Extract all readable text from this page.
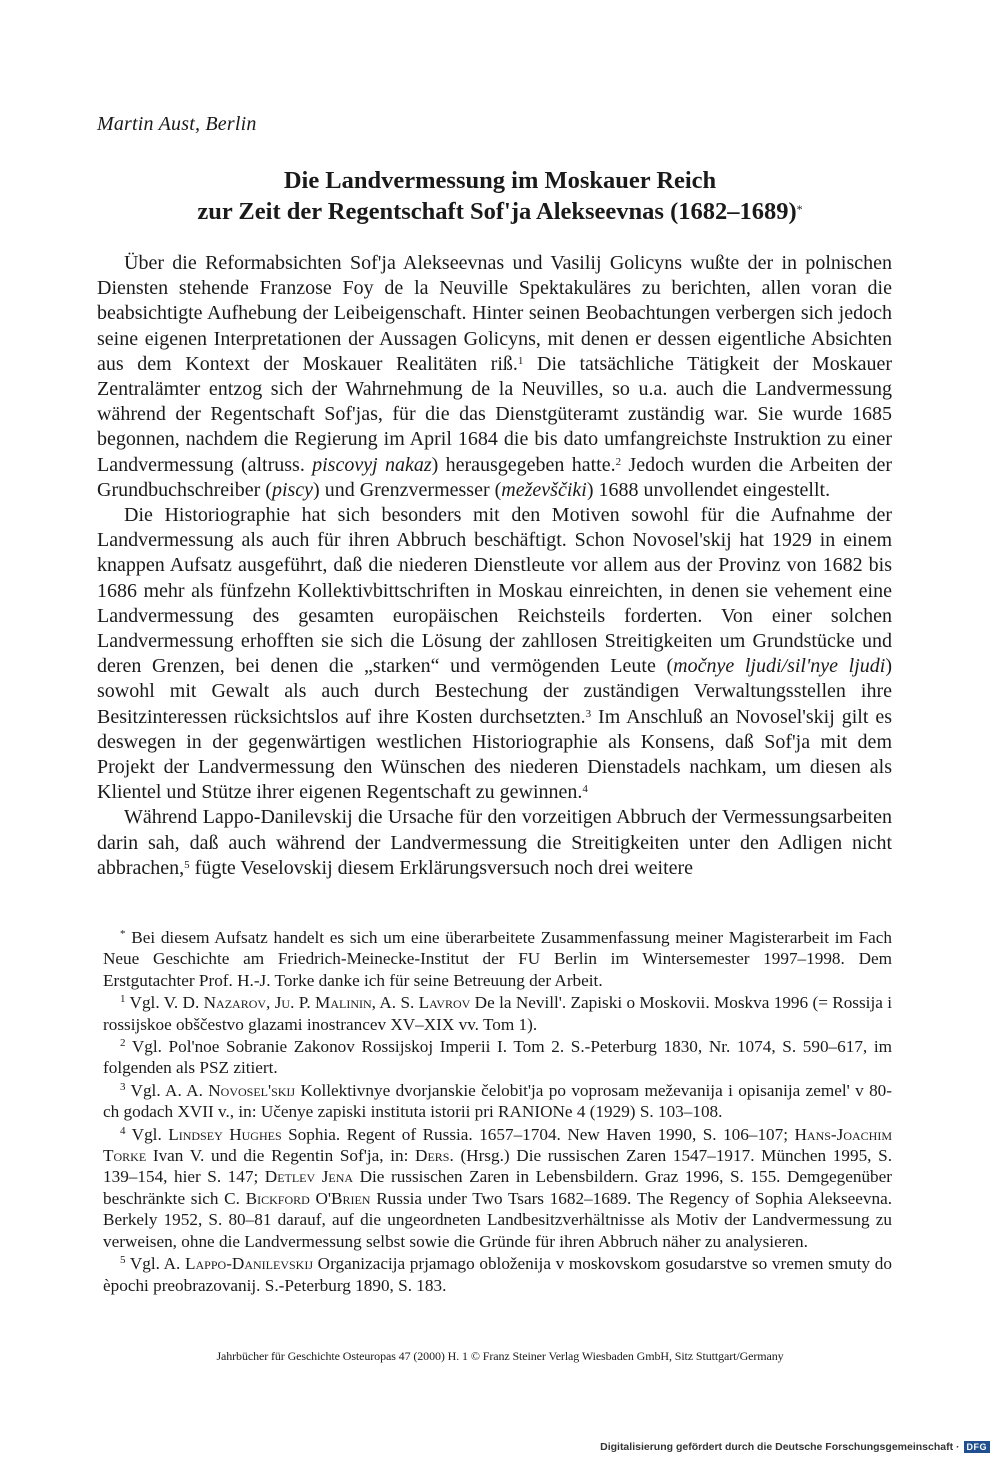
Martin Aust, Berlin
Die Landvermessung im Moskauer Reich
zur Zeit der Regentschaft Sof'ja Alekseevnas (1682–1689)*

Über die Reformabsichten Sof'ja Alekseevnas und Vasilij Golicyns wußte der in polnischen Diensten stehende Franzose Foy de la Neuville Spektakuläres zu berichten, allen voran die beabsichtigte Aufhebung der Leibeigenschaft. Hinter seinen Beobachtungen verbergen sich jedoch seine eigenen Interpretationen der Aussagen Golicyns, mit denen er dessen eigentliche Absichten aus dem Kontext der Moskauer Realitäten riß.$^1$ Die tatsächliche Tätigkeit der Moskauer Zentralämter entzog sich der Wahrnehmung de la Neuvilles, so u.a. auch die Landvermessung während der Regentschaft Sof'jas, für die das Dienstgüteramt zuständig war. Sie wurde 1685 begonnen, nachdem die Regierung im April 1684 die bis dato umfangreichste Instruktion zu einer Landvermessung (altruss. piscovyj nakaz) herausgegeben hatte.$^2$ Jedoch wurden die Arbeiten der Grundbuchschreiber (piscy) und Grenzvermesser (meževščiki) 1688 unvollendet eingestellt.

Die Historiographie hat sich besonders mit den Motiven sowohl für die Aufnahme der Landvermessung als auch für ihren Abbruch beschäftigt. Schon Novosel'skij hat 1929 in einem knappen Aufsatz ausgeführt, daß die niederen Dienstleute vor allem aus der Provinz von 1682 bis 1686 mehr als fünfzehn Kollektivbittschriften in Moskau einreichten, in denen sie vehement eine Landvermessung des gesamten europäischen Reichsteils forderten. Von einer solchen Landvermessung erhofften sie sich die Lösung der zahllosen Streitigkeiten um Grundstücke und deren Grenzen, bei denen die „starken“ und vermögenden Leute (močnye ljudi/sil'nye ljudi) sowohl mit Gewalt als auch durch Bestechung der zuständigen Verwaltungsstellen ihre Besitzinteressen rücksichtslos auf ihre Kosten durchsetzten.$^3$ Im Anschluß an Novosel'skij gilt es deswegen in der gegenwärtigen westlichen Historiographie als Konsens, daß Sof'ja mit dem Projekt der Landvermessung den Wünschen des niederen Dienstadels nachkam, um diesen als Klientel und Stütze ihrer eigenen Regentschaft zu gewinnen.$^4$

Während Lappo-Danilevskij die Ursache für den vorzeitigen Abbruch der Vermessungsarbeiten darin sah, daß auch während der Landvermessung die Streitigkeiten unter den Adligen nicht abbrachen,$^5$ fügte Veselovskij diesem Erklärungsversuch noch drei weitere

* Bei diesem Aufsatz handelt es sich um eine überarbeitete Zusammenfassung meiner Magisterarbeit im Fach Neue Geschichte am Friedrich-Meinecke-Institut der FU Berlin im Wintersemester 1997–1998. Dem Erstgutachter Prof. H.-J. Torke danke ich für seine Betreuung der Arbeit.

$^1$ Vgl. V. D. Nazarov, Ju. P. Malinin, A. S. Lavrov De la Nevill'. Zapiski o Moskovii. Moskva 1996 (= Rossija i rossijskoe obščestvo glazami inostrancev XV–XIX vv. Tom 1).

$^2$ Vgl. Pol'noe Sobranie Zakonov Rossijskoj Imperii I. Tom 2. S.-Peterburg 1830, Nr. 1074, S. 590–617, im folgenden als PSZ zitiert.

$^3$ Vgl. A. A. Novosel'skij Kollektivnye dvorjanskie čelobit'ja po voprosam meževanija i opisanija zemel' v 80-ch godach XVII v., in: Učenye zapiski instituta istorii pri RANIONe 4 (1929) S. 103–108.

$^4$ Vgl. Lindsey Hughes Sophia. Regent of Russia. 1657–1704. New Haven 1990, S. 106–107; Hans-Joachim Torke Ivan V. und die Regentin Sof'ja, in: Ders. (Hrsg.) Die russischen Zaren 1547–1917. München 1995, S. 139–154, hier S. 147; Detlev Jena Die russischen Zaren in Lebensbildern. Graz 1996, S. 155. Demgegenüber beschränkte sich C. Bickford O'Brien Russia under Two Tsars 1682–1689. The Regency of Sophia Alekseevna. Berkely 1952, S. 80–81 darauf, auf die ungeordneten Landbesitzverhältnisse als Motiv der Landvermessung zu verweisen, ohne die Landvermessung selbst sowie die Gründe für ihren Abbruch näher zu analysieren.

$^5$ Vgl. A. Lappo-Danilevskij Organizacija prjamago obloženija v moskovskom gosudarstve so vremen smuty do èpochi preobrazovanij. S.-Peterburg 1890, S. 183.

Jahrbücher für Geschichte Osteuropas 47 (2000) H. 1 © Franz Steiner Verlag Wiesbaden GmbH, Sitz Stuttgart/Germany
Digitalisierung gefördert durch die Deutsche Forschungsgemeinschaft · DFG
